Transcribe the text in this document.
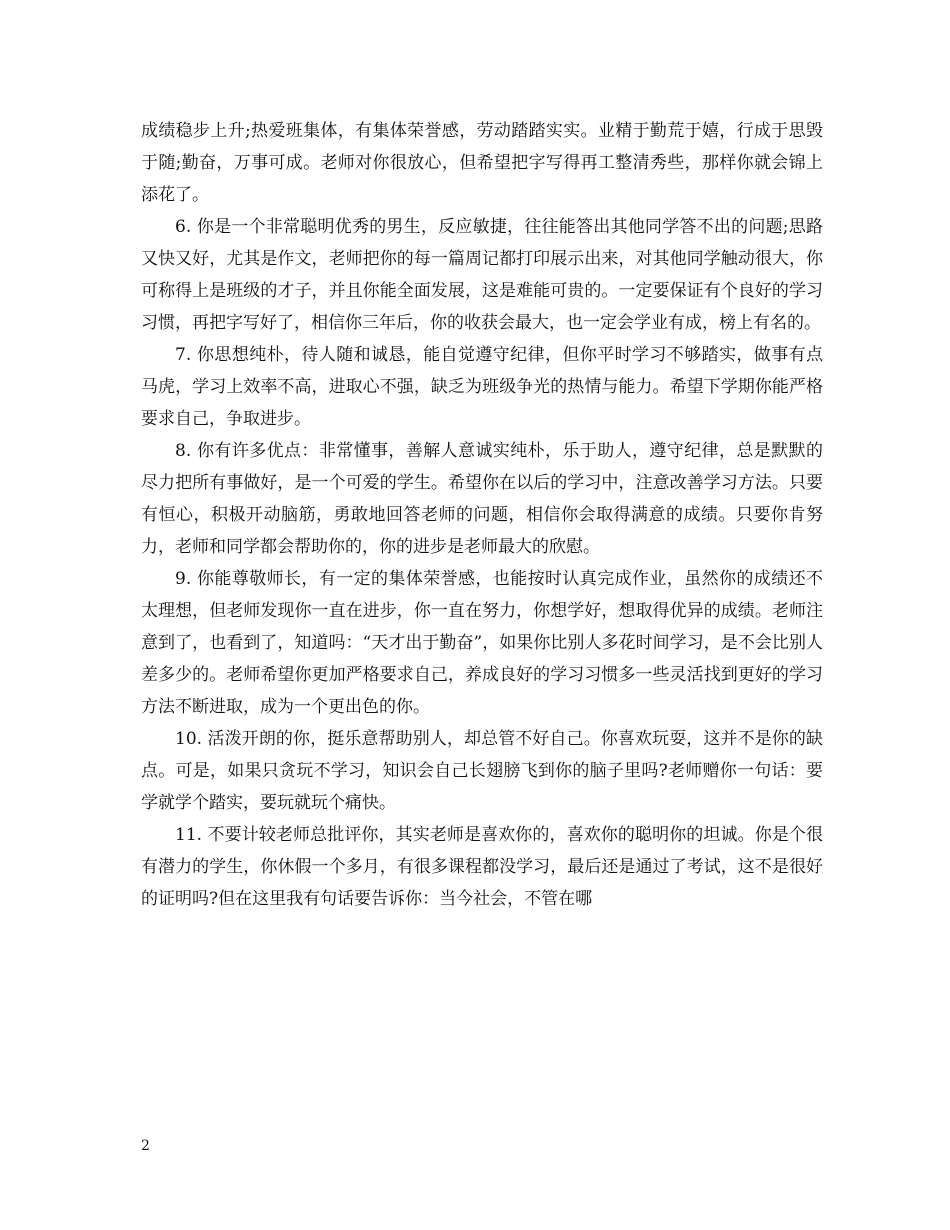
成绩稳步上升;热爱班集体，有集体荣誉感，劳动踏踏实实。业精于勤荒于嬉，行成于思毁于随;勤奋，万事可成。老师对你很放心，但希望把字写得再工整清秀些，那样你就会锦上添花了。

6. 你是一个非常聪明优秀的男生，反应敏捷，往往能答出其他同学答不出的问题;思路又快又好，尤其是作文，老师把你的每一篇周记都打印展示出来，对其他同学触动很大，你可称得上是班级的才子，并且你能全面发展，这是难能可贵的。一定要保证有个良好的学习习惯，再把字写好了，相信你三年后，你的收获会最大，也一定会学业有成，榜上有名的。

7. 你思想纯朴，待人随和诚恳，能自觉遵守纪律，但你平时学习不够踏实，做事有点马虎，学习上效率不高，进取心不强，缺乏为班级争光的热情与能力。希望下学期你能严格要求自己，争取进步。

8. 你有许多优点：非常懂事，善解人意诚实纯朴，乐于助人，遵守纪律，总是默默的尽力把所有事做好，是一个可爱的学生。希望你在以后的学习中，注意改善学习方法。只要有恒心，积极开动脑筋，勇敢地回答老师的问题，相信你会取得满意的成绩。只要你肯努力，老师和同学都会帮助你的，你的进步是老师最大的欣慰。

9. 你能尊敬师长，有一定的集体荣誉感，也能按时认真完成作业，虽然你的成绩还不太理想，但老师发现你一直在进步，你一直在努力，你想学好，想取得优异的成绩。老师注意到了，也看到了，知道吗：“天才出于勤奋”，如果你比别人多花时间学习，是不会比别人差多少的。老师希望你更加严格要求自己，养成良好的学习习惯多一些灵活找到更好的学习方法不断进取，成为一个更出色的你。

10. 活泼开朗的你，挺乐意帮助别人，却总管不好自己。你喜欢玩耍，这并不是你的缺点。可是，如果只贪玩不学习，知识会自己长翅膀飞到你的脑子里吗?老师赠你一句话：要学就学个踏实，要玩就玩个痛快。

11. 不要计较老师总批评你，其实老师是喜欢你的，喜欢你的聪明你的坦诚。你是个很有潜力的学生，你休假一个多月，有很多课程都没学习，最后还是通过了考试，这不是很好的证明吗?但在这里我有句话要告诉你：当今社会，不管在哪

2
